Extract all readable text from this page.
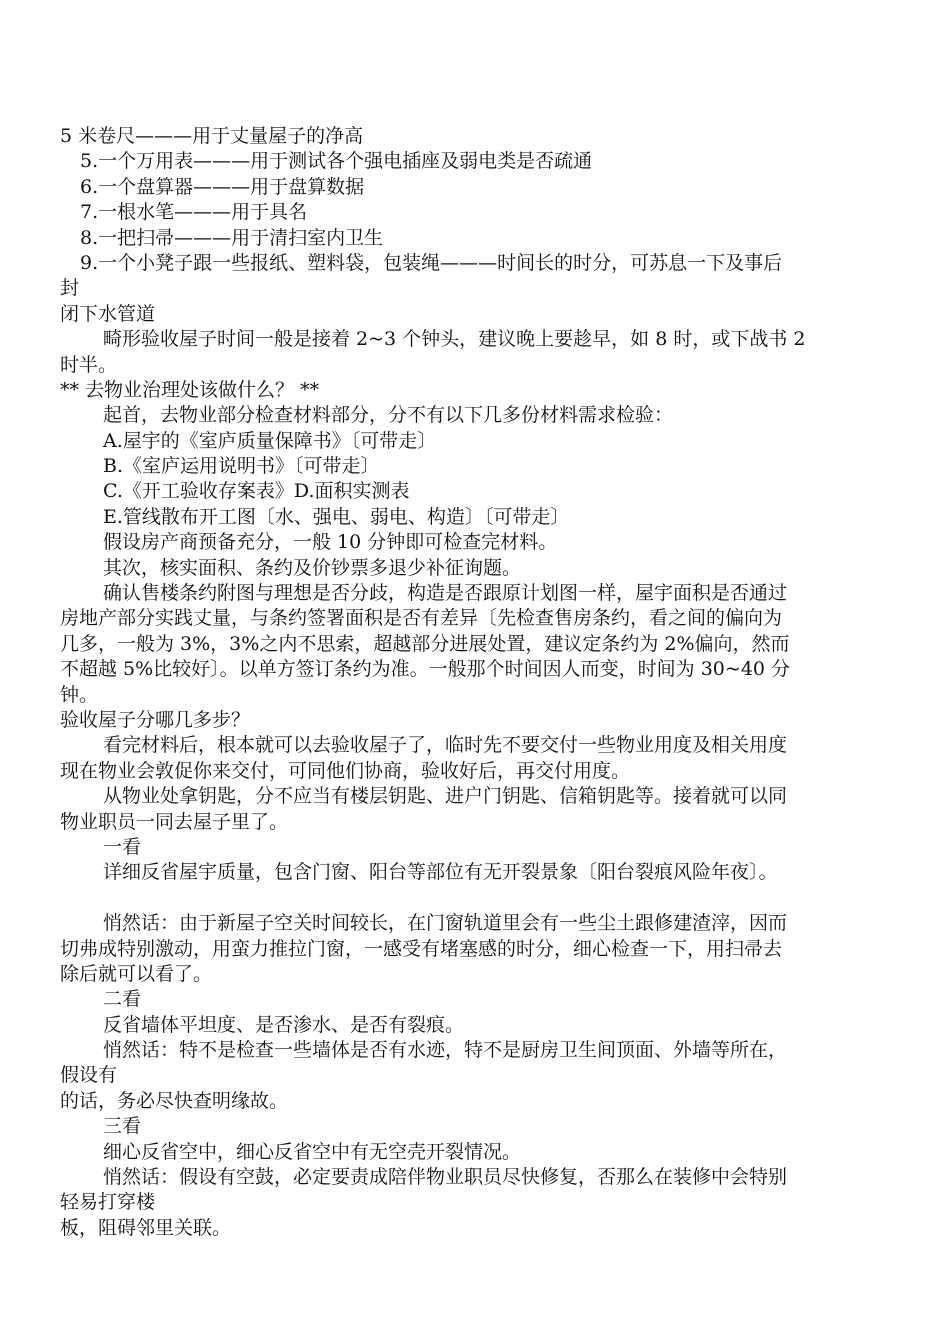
5 米卷尺———用于丈量屋子的净高
5.一个万用表———用于测试各个强电插座及弱电类是否疏通
6.一个盘算器———用于盘算数据
7.一根水笔———用于具名
8.一把扫帚———用于清扫室内卫生
9.一个小凳子跟一些报纸、塑料袋，包装绳———时间长的时分，可苏息一下及事后
封
闭下水管道
畸形验收屋子时间一般是接着 2~3 个钟头，建议晚上要趁早，如 8 时，或下战书 2
时半。
** 去物业治理处该做什么？ **
起首，去物业部分检查材料部分，分不有以下几多份材料需求检验：
A.屋宇的《室庐质量保障书》〔可带走〕
B.《室庐运用说明书》〔可带走〕
C.《开工验收存案表》D.面积实测表
E.管线散布开工图〔水、强电、弱电、构造〕〔可带走〕
假设房产商预备充分，一般 10 分钟即可检查完材料。
其次，核实面积、条约及价钞票多退少补征询题。
确认售楼条约附图与理想是否分歧，构造是否跟原计划图一样，屋宇面积是否通过
房地产部分实践丈量，与条约签署面积是否有差异〔先检查售房条约，看之间的偏向为
几多，一般为 3%，3%之内不思索，超越部分进展处置，建议定条约为 2%偏向，然而
不超越 5%比较好〕。以单方签订条约为准。一般那个时间因人而变，时间为 30~40 分
钟。
验收屋子分哪几多步？
看完材料后，根本就可以去验收屋子了，临时先不要交付一些物业用度及相关用度
现在物业会敦促你来交付，可同他们协商，验收好后，再交付用度。
从物业处拿钥匙，分不应当有楼层钥匙、进户门钥匙、信箱钥匙等。接着就可以同
物业职员一同去屋子里了。
一看
详细反省屋宇质量，包含门窗、阳台等部位有无开裂景象〔阳台裂痕风险年夜〕。
悄然话：由于新屋子空关时间较长，在门窗轨道里会有一些尘土跟修建渣滓，因而
切弗成特别激动，用蛮力推拉门窗，一感受有堵塞感的时分，细心检查一下，用扫帚去
除后就可以看了。
二看
反省墙体平坦度、是否渗水、是否有裂痕。
悄然话：特不是检查一些墙体是否有水迹，特不是厨房卫生间顶面、外墙等所在，
假设有
的话，务必尽快查明缘故。
三看
细心反省空中，细心反省空中有无空壳开裂情况。
悄然话：假设有空鼓，必定要责成陪伴物业职员尽快修复，否那么在装修中会特别
轻易打穿楼
板，阻碍邻里关联。
